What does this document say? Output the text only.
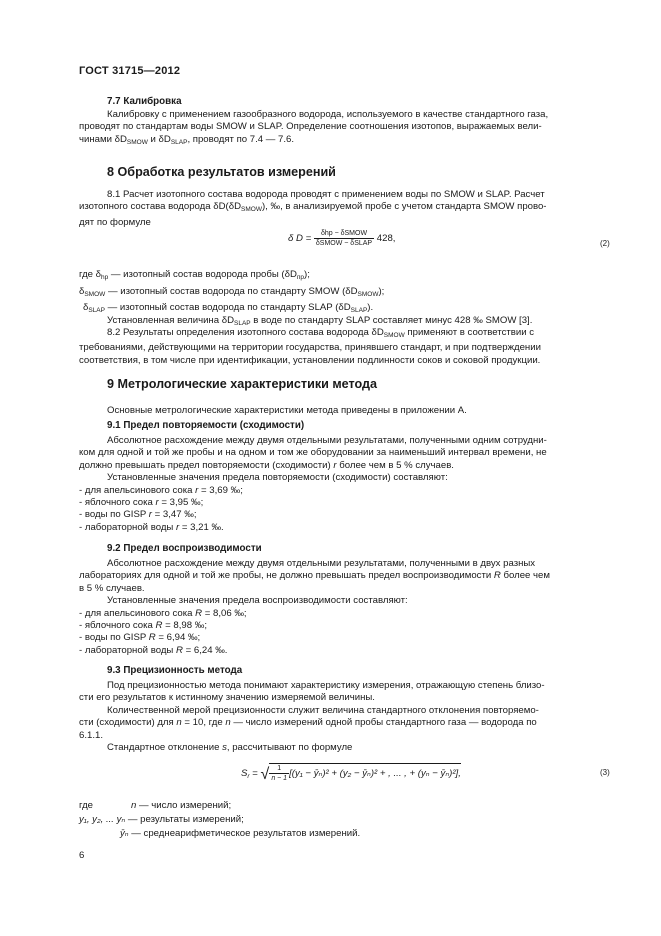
ГОСТ 31715—2012
7.7 Калибровка
Калибровку с применением газообразного водорода, используемого в качестве стандартного газа,
проводят по стандартам воды SMOW и SLAP. Определение соотношения изотопов, выражаемых вели-
чинами $\delta D_{SMOW}$ и $\delta D_{SLAP}$, проводят по 7.4 — 7.6.
8 Обработка результатов измерений
8.1 Расчет изотопного состава водорода проводят с применением воды по SMOW и SLAP. Расчет
изотопного состава водорода $\delta D(\delta D_{SMOW})$, ‰, в анализируемой пробе с учетом стандарта SMOW прово-
дят по формуле
δ $D = \frac{\text{δhp − δSMOW}}{\text{δSMOW − δSLAP}} 428$,	(2)
где $\delta_{hp}$ — изотопный состав водорода пробы $(\delta D_{пр})$;
$\delta_{SMOW}$ — изотопный состав водорода по стандарту SMOW $(\delta D_{SMOW})$;
$\delta_{SLAP}$ — изотопный состав водорода по стандарту SLAP $(\delta D_{SLAP})$.
Установленная величина $\delta D_{SLAP}$ в воде по стандарту SLAP составляет минус 428 ‰ SMOW [3].
8.2 Результаты определения изотопного состава водорода $\delta D_{SMOW}$ применяют в соответствии с
требованиями, действующими на территории государства, принявшего стандарт, и при подтверждении
соответствия, в том числе при идентификации, установлении подлинности соков и соковой продукции.
9 Метрологические характеристики метода
Основные метрологические характеристики метода приведены в приложении А.
9.1 Предел повторяемости (сходимости)
Абсолютное расхождение между двумя отдельными результатами, полученными одним сотрудни-
ком для одной и той же пробы и на одном и том же оборудовании за наименьший интервал времени, не
должно превышать предел повторяемости (сходимости) r более чем в 5 % случаев.
Установленные значения предела повторяемости (сходимости) составляют:
- для апельсинового сока r = 3,69 ‰;
- яблочного сока r = 3,95 ‰;
- воды по GISP r = 3,47 ‰;
- лабораторной воды r = 3,21 ‰.
9.2 Предел воспроизводимости
Абсолютное расхождение между двумя отдельными результатами, полученными в двух разных
лабораториях для одной и той же пробы, не должно превышать предел воспроизводимости R более чем
в 5 % случаев.
Установленные значения предела воспроизводимости составляют:
- для апельсинового сока R = 8,06 ‰;
- яблочного сока R = 8,98 ‰;
- воды по GISP R = 6,94 ‰;
- лабораторной воды R = 6,24 ‰.
9.3 Прецизионность метода
Под прецизионностью метода понимают характеристику измерения, отражающую степень близо-
сти его результатов к истинному значению измеряемой величины.
Количественной мерой прецизионности служит величина стандартного отклонения повторяемо-
сти (сходимости) для n = 10, где n — число измерений одной пробы стандартного газа — водорода по
6.1.1.
Стандартное отклонение s, рассчитывают по формуле
$S_r$ = √ $\frac{1}{n - 1} [(y_1$ − ȳₙ)² + (y₂ − ȳₙ)² + , ... , + (yₙ − ȳₙ)²],	(3)
где	n — число измерений;
y₁, y₂, ... yₙ — результаты измерений;
ȳₙ — среднеарифметическое результатов измерений.
6
